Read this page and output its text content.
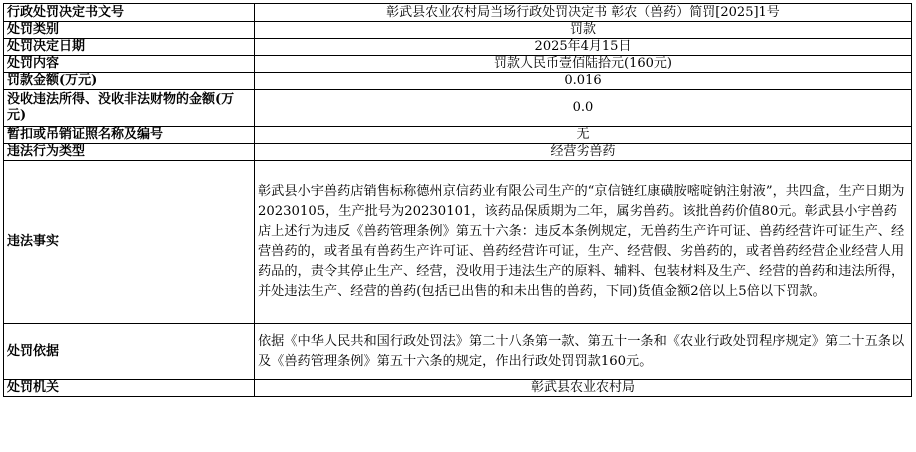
行政处罚决定书文号	彰武县农业农村局当场行政处罚决定书 彰农（兽药）简罚[2025]1号
处罚类别	罚款
处罚决定日期	2025年4月15日
处罚内容	罚款人民币壹佰陆拾元(160元)
罚款金额(万元)	0.016
没收违法所得、没收非法财物的金额(万元)	0.0
暂扣或吊销证照名称及编号	无
违法行为类型	经营劣兽药
违法事实	彰武县小宇兽药店销售标称德州京信药业有限公司生产的“京信链红康磺胺嘧啶钠注射液”，共四盒，生产日期为20230105，生产批号为20230101，该药品保质期为二年，属劣兽药。该批兽药价值80元。彰武县小宇兽药店上述行为违反《兽药管理条例》第五十六条：违反本条例规定，无兽药生产许可证、兽药经营许可证生产、经营兽药的，或者虽有兽药生产许可证、兽药经营许可证，生产、经营假、劣兽药的，或者兽药经营企业经营人用药品的，责令其停止生产、经营，没收用于违法生产的原料、辅料、包装材料及生产、经营的兽药和违法所得，并处违法生产、经营的兽药(包括已出售的和未出售的兽药，下同)货值金额2倍以上5倍以下罚款。
处罚依据	依据《中华人民共和国行政处罚法》第二十八条第一款、第五十一条和《农业行政处罚程序规定》第二十五条以及《兽药管理条例》第五十六条的规定，作出行政处罚罚款160元。
处罚机关	彰武县农业农村局
